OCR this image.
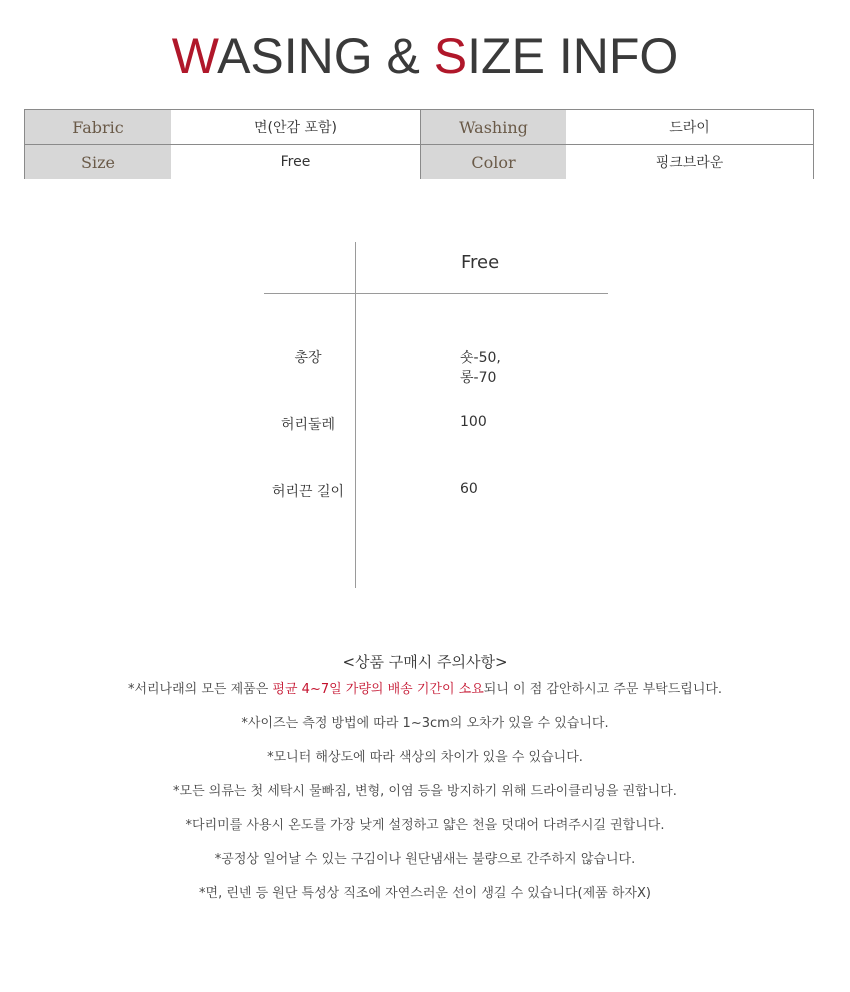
WASING & SIZE INFO
Fabric	면(안감 포함)	Washing	드라이
Size	Free	Color	핑크브라운
Free
총장	숏-50, 롱-70
허리둘레	100
허리끈 길이	60
<상품 구매시 주의사항>
*서리나래의 모든 제품은 평균 4~7일 가량의 배송 기간이 소요되니 이 점 감안하시고 주문 부탁드립니다.
*사이즈는 측정 방법에 따라 1~3cm의 오차가 있을 수 있습니다.
*모니터 해상도에 따라 색상의 차이가 있을 수 있습니다.
*모든 의류는 첫 세탁시 물빠짐, 변형, 이염 등을 방지하기 위해 드라이클리닝을 권합니다.
*다리미를 사용시 온도를 가장 낮게 설정하고 얇은 천을 덧대어 다려주시길 권합니다.
*공정상 일어날 수 있는 구김이나 원단냄새는 불량으로 간주하지 않습니다.
*면, 린넨 등 원단 특성상 직조에 자연스러운 선이 생길 수 있습니다(제품 하자X)
